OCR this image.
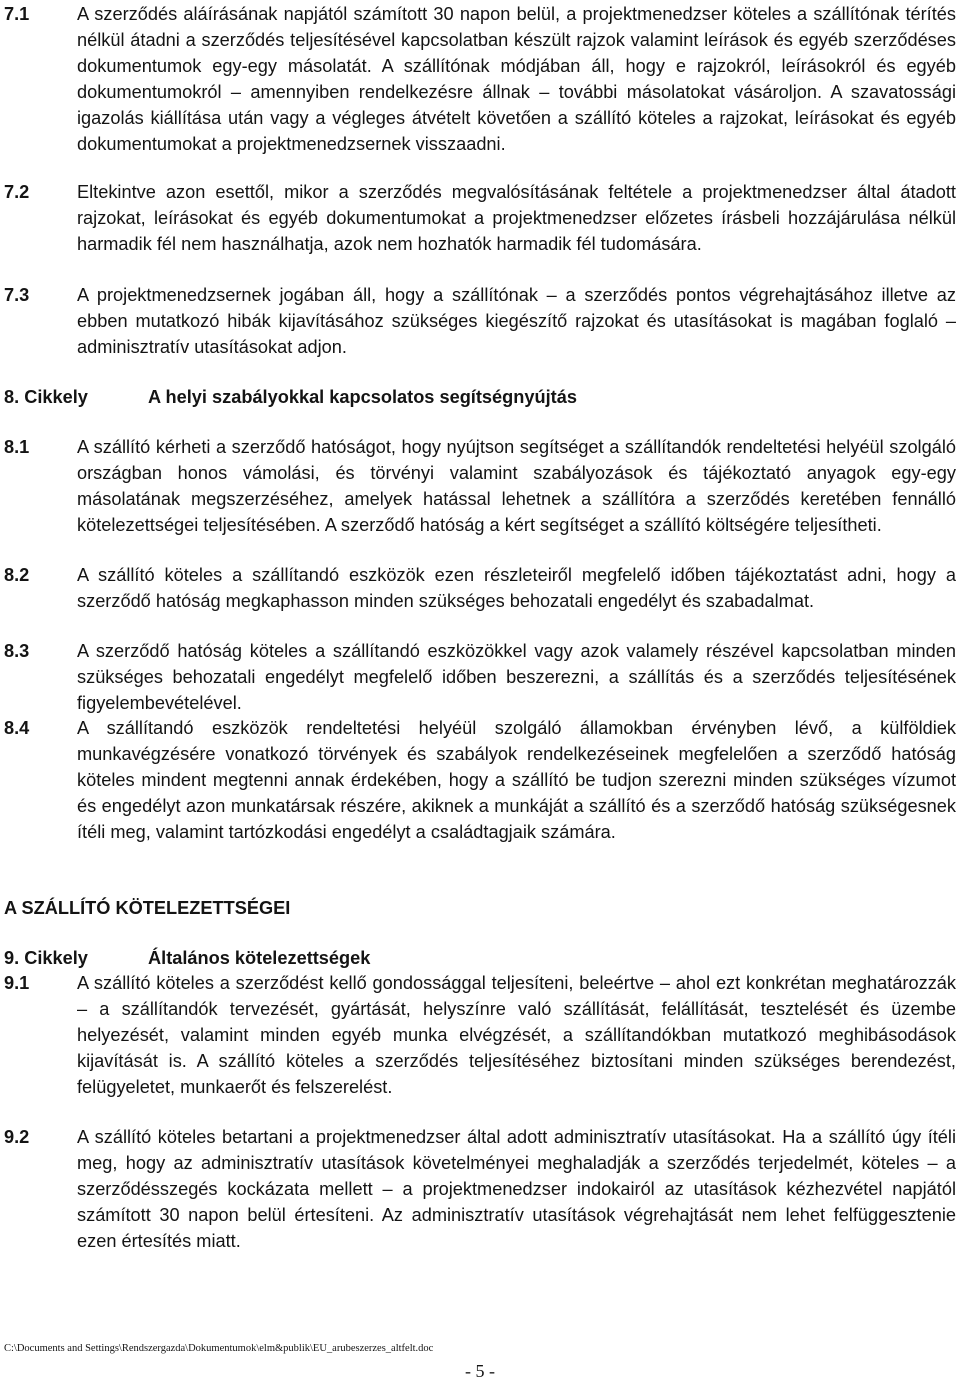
7.1	A szerződés aláírásának napjától számított 30 napon belül, a projektmenedzser köteles a szállítónak térítés nélkül átadni a szerződés teljesítésével kapcsolatban készült rajzok valamint leírások és egyéb szerződéses dokumentumok egy-egy másolatát. A szállítónak módjában áll, hogy e rajzokról, leírásokról és egyéb dokumentumokról – amennyiben rendelkezésre állnak – további másolatokat vásároljon. A szavatossági igazolás kiállítása után vagy a végleges átvételt követően a szállító köteles a rajzokat, leírásokat és egyéb dokumentumokat a projektmenedzsernek visszaadni.
7.2	Eltekintve azon esettől, mikor a szerződés megvalósításának feltétele a projektmenedzser által átadott rajzokat, leírásokat és egyéb dokumentumokat a projektmenedzser előzetes írásbeli hozzájárulása nélkül harmadik fél nem használhatja, azok nem hozhatók harmadik fél tudomására.
7.3	A projektmenedzsernek jogában áll, hogy a szállítónak – a szerződés pontos végrehajtásához illetve az ebben mutatkozó hibák kijavításához szükséges kiegészítő rajzokat és utasításokat is magában foglaló – adminisztratív utasításokat adjon.
8. Cikkely	A helyi szabályokkal kapcsolatos segítségnyújtás
8.1	A szállító kérheti a szerződő hatóságot, hogy nyújtson segítséget a szállítandók rendeltetési helyéül szolgáló országban honos vámolási, és törvényi valamint szabályozások és tájékoztató anyagok egy-egy másolatának megszerzéséhez, amelyek hatással lehetnek a szállítóra a szerződés keretében fennálló kötelezettségei teljesítésében. A szerződő hatóság a kért segítséget a szállító költségére teljesítheti.
8.2	A szállító köteles a szállítandó eszközök ezen részleteiről megfelelő időben tájékoztatást adni, hogy a szerződő hatóság megkaphasson minden szükséges behozatali engedélyt és szabadalmat.
8.3	A szerződő hatóság köteles a szállítandó eszközökkel vagy azok valamely részével kapcsolatban minden szükséges behozatali engedélyt megfelelő időben beszerezni, a szállítás és a szerződés teljesítésének figyelembevételével.
8.4	A szállítandó eszközök rendeltetési helyéül szolgáló államokban érvényben lévő, a külföldiek munkavégzésére vonatkozó törvények és szabályok rendelkezéseinek megfelelően a szerződő hatóság köteles mindent megtenni annak érdekében, hogy a szállító be tudjon szerezni minden szükséges vízumot és engedélyt azon munkatársak részére, akiknek a munkáját a szállító és a szerződő hatóság szükségesnek ítéli meg, valamint tartózkodási engedélyt a családtagjaik számára.
A SZÁLLÍTÓ KÖTELEZETTSÉGEI
9. Cikkely	Általános kötelezettségek
9.1	A szállító köteles a szerződést kellő gondossággal teljesíteni, beleértve – ahol ezt konkrétan meghatározzák – a szállítandók tervezését, gyártását, helyszínre való szállítását, felállítását, tesztelését és üzembe helyezését, valamint minden egyéb munka elvégzését, a szállítandókban mutatkozó meghibásodások kijavítását is. A szállító köteles a szerződés teljesítéséhez biztosítani minden szükséges berendezést, felügyeletet, munkaerőt és felszerelést.
9.2	A szállító köteles betartani a projektmenedzser által adott adminisztratív utasításokat. Ha a szállító úgy ítéli meg, hogy az adminisztratív utasítások követelményei meghaladják a szerződés terjedelmét, köteles – a szerződésszegés kockázata mellett – a projektmenedzser indokairól az utasítások kézhezvétel napjától számított 30 napon belül értesíteni. Az adminisztratív utasítások végrehajtását nem lehet felfüggesztenie ezen értesítés miatt.
C:\Documents and Settings\Rendszergazda\Dokumentumok\elm&publik\EU_arubeszerzes_altfelt.doc
- 5 -
